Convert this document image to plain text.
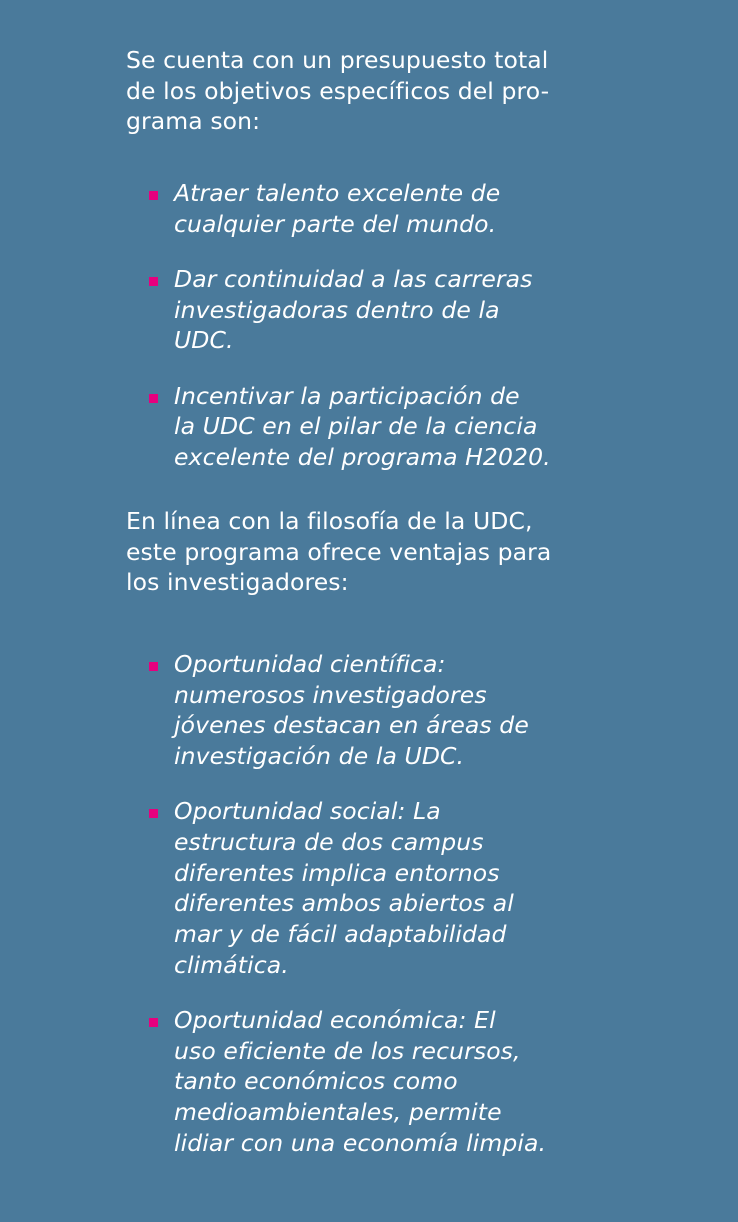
Se cuenta con un presupuesto total
de los objetivos específicos del pro-
grama son:

Atraer talento excelente de
cualquier parte del mundo.
Dar continuidad a las carreras
investigadoras dentro de la
UDC.
Incentivar la participación de
la UDC en el pilar de la ciencia
excelente del programa H2020.

En línea con la filosofía de la UDC,
este programa ofrece ventajas para
los investigadores:

Oportunidad científica:
numerosos investigadores
jóvenes destacan en áreas de
investigación de la UDC.
Oportunidad social: La
estructura de dos campus
diferentes implica entornos
diferentes ambos abiertos al
mar y de fácil adaptabilidad
climática.
Oportunidad económica: El
uso eficiente de los recursos,
tanto económicos como
medioambientales, permite
lidiar con una economía limpia.
